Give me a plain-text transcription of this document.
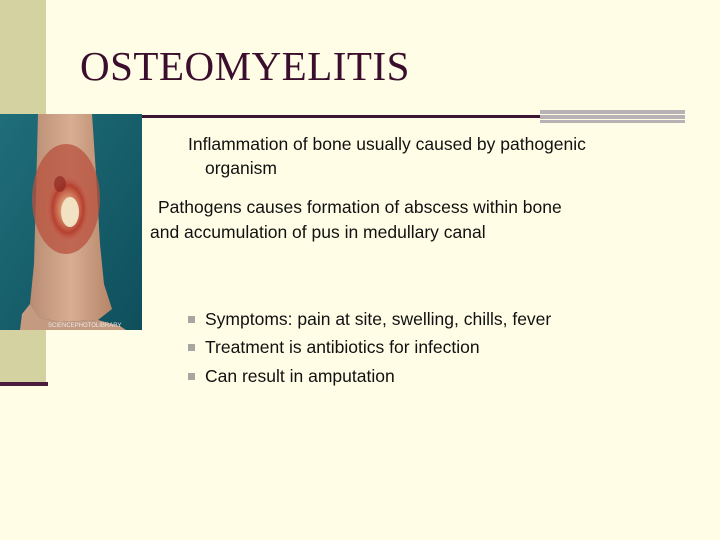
OSTEOMYELITIS
SCIENCEPHOTOLIBRARY
Inflammation of bone usually caused by pathogenic
organism
Pathogens causes formation of abscess within bone
and accumulation of pus in medullary canal
Symptoms: pain at site, swelling, chills, fever
Treatment is antibiotics for infection
Can result in amputation
